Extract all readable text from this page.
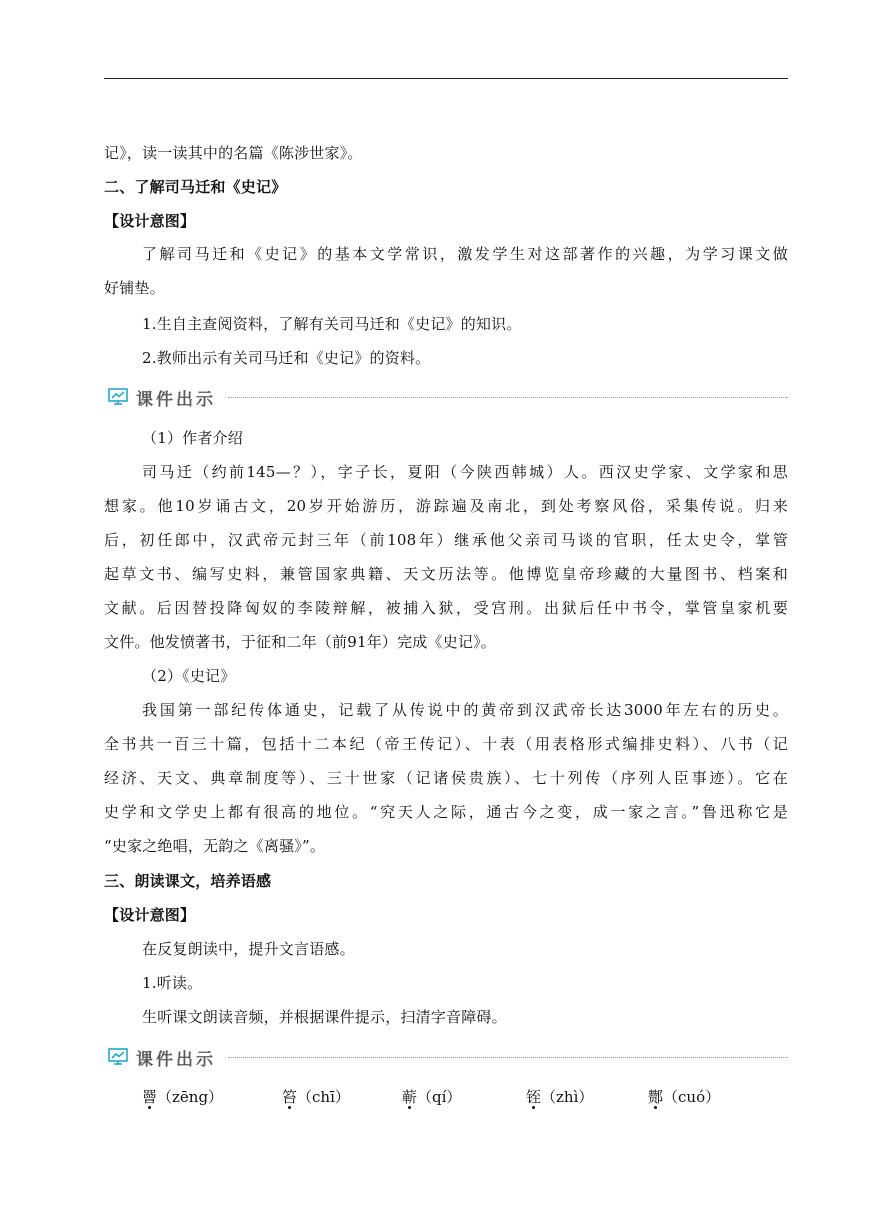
记》，读一读其中的名篇《陈涉世家》。
二、了解司马迁和《史记》
【设计意图】
了解司马迁和《史记》的基本文学常识，激发学生对这部著作的兴趣，为学习课文做
好铺垫。
1.生自主查阅资料，了解有关司马迁和《史记》的知识。
2.教师出示有关司马迁和《史记》的资料。
课件出示
（1）作者介绍
司马迁（约前145—？），字子长，夏阳（今陕西韩城）人。西汉史学家、文学家和思
想家。他10岁诵古文，20岁开始游历，游踪遍及南北，到处考察风俗，采集传说。归来
后，初任郎中，汉武帝元封三年（前108年）继承他父亲司马谈的官职，任太史令，掌管
起草文书、编写史料，兼管国家典籍、天文历法等。他博览皇帝珍藏的大量图书、档案和
文献。后因替投降匈奴的李陵辩解，被捕入狱，受宫刑。出狱后任中书令，掌管皇家机要
文件。他发愤著书，于征和二年（前91年）完成《史记》。
（2）《史记》
我国第一部纪传体通史，记载了从传说中的黄帝到汉武帝长达3000年左右的历史。
全书共一百三十篇，包括十二本纪（帝王传记）、十表（用表格形式编排史料）、八书（记
经济、天文、典章制度等）、三十世家（记诸侯贵族）、七十列传（序列人臣事迹）。它在
史学和文学史上都有很高的地位。“究天人之际，通古今之变，成一家之言。”鲁迅称它是
“史家之绝唱，无韵之《离骚》”。
三、朗读课文，培养语感
【设计意图】
在反复朗读中，提升文言语感。
1.听读。
生听课文朗读音频，并根据课件提示，扫清字音障碍。
课件出示
罾（zēng）	笞（chī）	蕲（qí）	铚（zhì）	酂（cuó）
